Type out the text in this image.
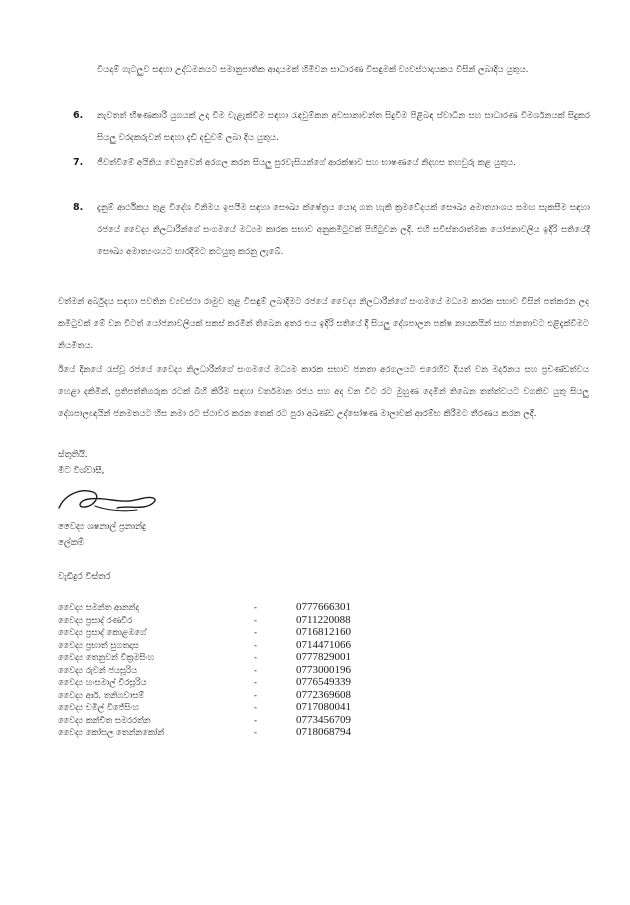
වියදම් ගැටලුව සඳහා උද්ධමනයට සමානුපාතික ආදායමක් හිමිවන සාධාරණ විසඳුමක් ව්‍යවස්ථාදායකය විසින් ලබාදිය යුතුය.

6. නැවතත් භීෂණකාරී යුගයක් උදා වීම වැළැක්වීම සඳහා රැඳවුම්කන අවසානාවන්ත සිදුවීම පිළිබඳ ස්වාධීන සහ සාධාරණ විමර්ශනයක් සිදුකර සියලු වරදකරුවන් සඳහා දැඩි දඬුවම් ලබා දිය යුතුය.

7. ජීවත්වීමේ අයිතිය වෙනුවෙන් අරගල කරන සියලු පුරවැසියන්ගේ ආරක්ෂාව සහ භාෂණයේ නිදහස තහවුරු කළ යුතුය.

8. දැනුම් ආර්ථිකය තුළ විදේශ විනිමය ඉපයීම සඳහා සෞඛ්‍ය ක්ෂේත්‍රය යොදා ගත හැකි ක්‍රමවේදයක් සෞඛ්‍ය අමාත්‍යාංශය සමඟ සැකසීම සඳහා රජයේ වෛද්‍ය නිලධාරීන්ගේ සංගමයේ මධ්‍යම කාරක සභාව අනුකමිටුවක් පිහිටුවන ලදී. එහි සවිස්තරාත්මක යෝජනාවලිය ඉදිරි සතියේදී සෞඛ්‍ය අමාත්‍යංශයට භාරදීමට කටයුතු කරනු ලැබේ.

වත්මන් අර්බුදය සඳහා පවතින ව්‍යවස්ථා රාමුව තුළ විසඳුම් ලබාදීමට රජයේ වෛද්‍ය නිලධාරීන්ගේ සංගමයේ මධ්‍යම කාරක සභාව විසින් පත්කරන ලද කමිටුවක් මේ වන විටත් යෝජනාවලියක් සකස් කරමින් තිබෙන අතර එය ඉදිරි සතියේ දී සියලු දේශපාලන පක්ෂ නායකයින් සහ ජනතාවට එළිදැක්වීමට නියමිතය.

ඊයේ දිනයේ රැස්වූ රජයේ වෛද්‍ය නිලධාරීන්ගේ සංගමයේ මධ්‍යම කාරක සභාව ජනතා අරගලයට එරෙහිව දියත් වන මර්දනය සහ ප්‍රචණ්ඩත්වය හෙළා දකිමින්, ප්‍රතිපත්තිගරුක රටක් බිහි කිරීම සඳහා වර්තමාන රජය සහ අද වන විට රට මුහුණ දෙමින් තිබෙන තත්ත්වයට වගකිව යුතු සියලු දේශපාලඥයින් ජනමතයට හිස නමා රට ස්ථාවර කරන තෙක් රට පුරා අඛණ්ඩ උද්ඝෝෂණ මාලාවක් ආරම්භ කිරීමට තීරණය කරන ලදී.

ස්තුතියි.
මීට විශ්වාසී,
වෛද්‍ය ශෂනාල් ප්‍රනාන්දු
ලේකම්
වැඩිදුර විස්තර
වෛද්‍ය සමන්ත ආනන්ද	-	0777666301
වෛද්‍ය ප්‍රසාද් රණවීර	-	0711220088
වෛද්‍ය ප්‍රසාද් කොළඹගේ	-	0716812160
වෛද්‍ය ප්‍රභාත් සුගතදාස	-	0714471066
වෛද්‍ය තෙනුවන් වික්‍රමසිංහ	-	0777829001
වෛද්‍ය රුවන් ජයසූරිය	-	0773000196
වෛද්‍ය හංසමාල් වීරසූරිය	-	0776549339
වෛද්‍ය ආර්. තනිගවාසම්	-	0772369608
වෛද්‍ය චමිල් විජේසිංහ	-	0717080041
වෛද්‍ය කන්චිත සමරරත්න	-	0773456709
වෛද්‍ය කෝසල තෙන්නකෝන්	-	0718068794
